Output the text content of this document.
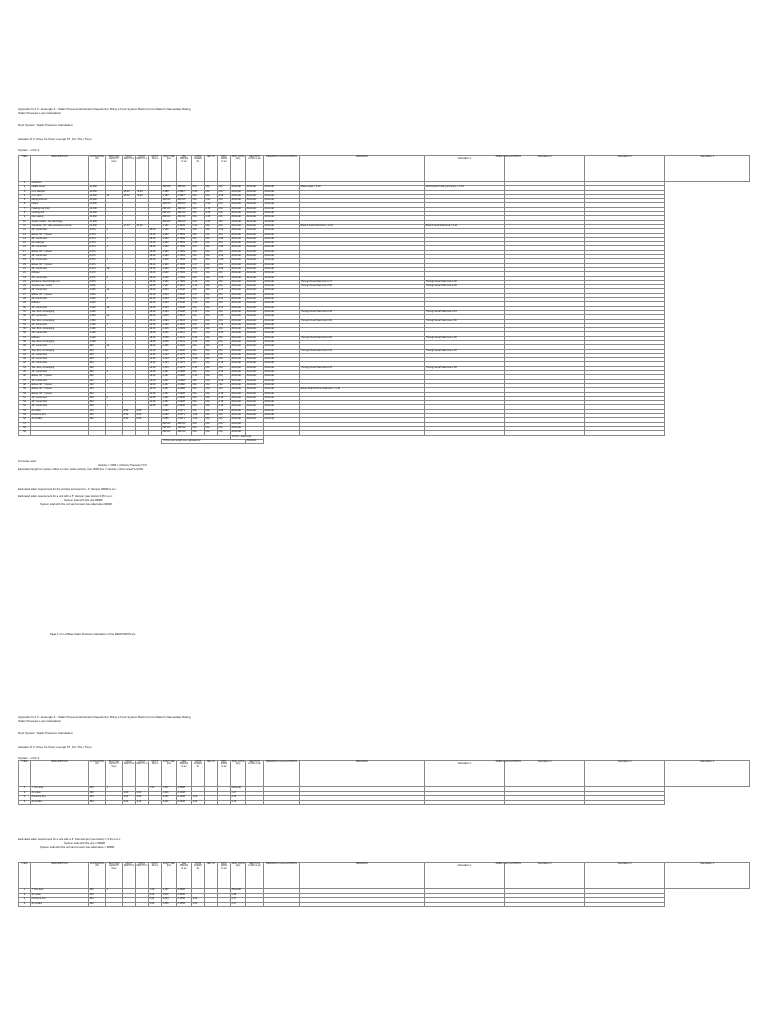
Appendix D.2.4 - Example 2 - Static Pressure Reduction Required to Bring a Four System Back Into Its Maker's Nameplate Rating
Static Pressure Loss Calculation
Duct System: Static Pressure Calculation
Actuator D.V. Floor for Floor Lounge 57. Tel. The / Tiem
System - LOC 4
ITEM	DESCRIPTION	FLOW RATE cfm	SECTION LENGTH Feet	DUCT WIDTH in	DUCT DEPTH in	DUCT DIA in	DUCT VEL fpm	VEL PRESS in.wc	LOSS COEFF Σc	NET Σc	FRIC RATE in.wc	FRIC LOSS (wc)	SECTION LOSS in.wc	REMARKS CALCULATIONS		REMARKS	AREA CALCULATIONS
Calculation 1	Calculation 2	Calculation 3	Calculation 4
1	Outdoors																			
2	Intake louver	11,600					#DIV/0!	#DIV/0!	N/A	N/A	N/A	#VALUE!	#VALUE!	#VALUE!			Blade angle = 0.30	Velocity/Net/Total (perimeter) = 1.00			
3	O.A. damper	11,600		26.00	72.00		1,968	0.3827	0.50	N/A	N/A	#VALUE!	#VALUE!	#VALUE!						
4	O.A. duct	11,600	16	26.00	72.00		1,968	0.3827	N/A	N/A	0.08	#VALUE!	#VALUE!	#VALUE!						
5	Mixing Plenum	11,600					#DIV/0!	#DIV/0!	N/A	0.00	N/A	#VALUE!	#VALUE!	#VALUE!						
6	Filters	11,600					#DIV/0!	#DIV/0!	N/A	0.50	N/A	#VALUE!	#VALUE!	#VALUE!						
7	Heating coil (hot)	11,600					#DIV/0!	#DIV/0!	N/A	0.15	N/A	#VALUE!	#VALUE!	#VALUE!						
8	Cooling coil	11,600					#DIV/0!	#DIV/0!	N/A	0.68	N/A	#VALUE!	#VALUE!	#VALUE!						
9	Fan casing	11,600					#DIV/0!	#DIV/0!	N/A	0.25	N/A	#VALUE!	#VALUE!	#VALUE!						
10	System effect - fan discharge	11,600					#DIV/0!	#DIV/0!	N/A	0.00	N/A	#VALUE!	#VALUE!	#VALUE!						
11	Transition, 60° with extension to trunk	11,600		27.00	24.00		2,181	0.3049	0.21	N/A	N/A	#VALUE!	#VALUE!	#VALUE!			Branch Flow/Total Flow = 0.16	Branch Area/Total Area = 0.21			
12	36" round duct	8,370	3			36.00	2,960	0.7899	N/A	N/A	0.08	#VALUE!	#VALUE!	#VALUE!						
13	Elbow, 90°, 5 piece	8,370				36.00	2,960	0.7899	N/A	N/A	N/A	#VALUE!	#VALUE!	#VALUE!						
14	36" round duct	8,370	6			36.00	2,960	0.7899	N/A	N/A	0.08	#VALUE!	#VALUE!	#VALUE!						
15	Fire damper	8,370				36.00	2,960	0.7899	0.25	N/A	N/A	#VALUE!	#VALUE!	#VALUE!						
16	36" round duct	8,370	3			36.00	2,960	0.7899	N/A	N/A	0.08	#VALUE!	#VALUE!	#VALUE!						
17	Elbow, 90°, 5 piece	8,370				36.00	2,960	0.7899	N/A	N/A	N/A	#VALUE!	#VALUE!	#VALUE!						
18	36" round duct	8,370				36.00	2,960	0.7899	N/A	N/A	0.08	#VALUE!	#VALUE!	#VALUE!						
19	36" round duct	8,370	5			36.00	2,960	0.7899	N/A	N/A	0.08	#VALUE!	#VALUE!	#VALUE!						
20	Elbow, 90°, 5 piece	8,370				36.00	2,960	0.7899	0.17	N/A	N/A	#VALUE!	#VALUE!	#VALUE!						
21	36" round duct	8,370	18			36.00	2,960	0.7899	N/A	N/A	0.08	#VALUE!	#VALUE!	#VALUE!						
22	Diffuser	8,370				36.00	2,960	0.7899	0.20	N/A	N/A	#VALUE!	#VALUE!	#VALUE!						
23	36" round duct	8,370	6			36.00	2,960	0.7899	N/A	N/A	0.08	#VALUE!	#VALUE!	#VALUE!						
24	Entrance, flow through run	8,370				36.00	2,960	0.7899	0.13	N/A	N/A	#VALUE!	#VALUE!	#VALUE!			Through Flow/Total Flow 0.73	Through Area/Total Area 1.00			
25	Junction tee, round	6,650				30.00	2,957	0.5397	0.13	N/A	N/A	#VALUE!	#VALUE!	#VALUE!			Through Flow/Total Flow 0.80	Through Area/Total Area 0.69			
26	30" round duct	1,600	12			30.00	2,594	0.5048	N/A	N/A	0.11	#VALUE!	#VALUE!	#VALUE!						
27	Elbow, 90°, 5 piece	1,600				30.00	2,594	0.5048	0.17	N/A	N/A	#VALUE!	#VALUE!	#VALUE!						
28	30" round duct	1,600	6			30.00	2,594	0.5048	N/A	N/A	0.11	#VALUE!	#VALUE!	#VALUE!						
29	Diffuser	1,600				30.00	2,594	0.5048	0.20	N/A	N/A	#VALUE!	#VALUE!	#VALUE!						
30	30" round duct	1,600	18			30.00	2,594	0.5048	N/A	N/A	0.11	#VALUE!	#VALUE!	#VALUE!						
31	Tee, Run, converging	1,600				30.00	2,594	0.5048	0.15	N/A	N/A	#VALUE!	#VALUE!	#VALUE!			Through Flow/Total Flow 0.48	Through Area/Total Area 0.64			
32	26" round duct	1,360	12			26.00	2,694	0.4523	N/A	N/A	0.13	#VALUE!	#VALUE!	#VALUE!						
33	Tee, Run, converging	1,360				26.00	2,694	0.4523	0.21	N/A	N/A	#VALUE!	#VALUE!	#VALUE!			Through Flow/Total Flow 0.36	Through Area/Total Area 1.06			
34	22" round duct	1,160	6			22.00	2,426	0.3669	N/A	N/A	0.14	#VALUE!	#VALUE!	#VALUE!						
35	Tee, Run, converging	1,160				22.00	2,426	0.3669	0.22	N/A	N/A	#VALUE!	#VALUE!	#VALUE!						
36	18" round duct	1,160				18.00	2,666	0.4431	N/A	N/A	0.25	#VALUE!	#VALUE!	#VALUE!						
37	Diffuser	1,160				18.00	2,666	0.4431	0.24	N/A	N/A	#VALUE!	#VALUE!	#VALUE!			Through Flow/Total Flow 0.60	Through Area/Total Area 1.00			
38	Tee, Run, converging	1,160				18.00	2,666	0.4431	0.21	N/A	N/A	#VALUE!	#VALUE!	#VALUE!						
39	16" round duct	920	12			16.00	1,391	0.1206	N/A	N/A	0.11	#VALUE!	#VALUE!	#VALUE!						
40	Tee, Run, converging	920				16.00	1,391	0.1206	N/A	N/A	N/A	#VALUE!	#VALUE!	#VALUE!			Through Flow/Total Flow 0.44	Through Area/Total Area 1.00			
41	14" round duct	920				14.00	1,313	0.1075	N/A	N/A	N/A	#VALUE!	#VALUE!	#VALUE!						
42	12" round duct	920	6			12.00	1,313	0.1075	0.28	N/A	N/A	#VALUE!	#VALUE!	#VALUE!						
43	12" round duct	920				12.00	1,313	0.1075	N/A	N/A	0.16	#VALUE!	#VALUE!	#VALUE!						
44	Tee, Run, converging	920				12.00	1,313	0.1075	0.15	N/A	N/A	#VALUE!	#VALUE!	#VALUE!			Through Flow/Total Flow 0.78	Through Area/Total Area 1.00			
45	10" round duct	320	5			10.00	1,287	0.0988	N/A	N/A	0.18	#VALUE!	#VALUE!	#VALUE!						
46	Elbow, 90°, 5 piece	320				10.00	1,287	0.0988	0.25	N/A	N/A	#VALUE!	#VALUE!	#VALUE!						
47	10" round duct	320	2			10.00	1,287	0.0988	N/A	N/A	0.18	#VALUE!	#VALUE!	#VALUE!						
48	Elbow, 90°, 5 piece	320				10.00	1,287	0.0988	N/A	N/A	N/A	#VALUE!	#VALUE!	#VALUE!						
49	Elbow, 90°, 5 piece	320				10.00	1,287	0.0988	N/A	N/A	N/A	#VALUE!	#VALUE!	#VALUE!			Elbow Midpoint/Duct Diameter = 0.40				
50	Elbow, 90°, 5 piece	320				10.00	1,287	0.0988	N/A	N/A	0.18	#VALUE!	#VALUE!	#VALUE!						
51	10" round duct	320	6			10.00	1,287	0.0988	N/A	N/A	0.18	#VALUE!	#VALUE!	#VALUE!						
52	10" round duct	320				10.00	1,287	0.0988	N/A	N/A	0.18	#VALUE!	#VALUE!	#VALUE!						
53	10" round duct	320	1			10.00	1,287	0.0988	N/A	N/A	0.18	#VALUE!	#VALUE!	#VALUE!						
54	Air valve	320		8.00	8.00		0.880	0.0571	N/A	N/A	0.08	#VALUE!	#VALUE!	#VALUE!						
55	Pressure box	320		8.00	8.00		0.880	0.0571	1.00	N/A	N/A	#VALUE!	#VALUE!	#VALUE!						
56	Air Grilles	320		8.00	8.00		0.880	0.0571	1.00	N/A	N/A	#VALUE!	#VALUE!	#VALUE!						
57							#DIV/0!	#DIV/0!	N/A	N/A	N/A	#VALUE!								
58							#DIV/0!	#DIV/0!	N/A	N/A	N/A	#VALUE!								
59							#DIV/0!	#DIV/0!	N/A	N/A	N/A	#VALUE!								
												TOTAL: Total Loss							
							TOTAL path length loss (allowance)						#VALUE!						
Formulas used:
Velocity = 4005 x (Velocity Pressure)^0.5
Equivalent length for system effect on inlet, outlet velocity over 2500 fpm = Velocity x (Duct area)^1/4,000
Estimated static requirement for the window terminal unit - 4" damper ##### in.w.c.
Estimated static requirement for a unit with a 5" damper (see below) 0.95 in.w.c.
System total with this unit #####
System total with this unit and a lower loss alternative #####
Page 1 of 1 of Base Static Pressure Calculation of the PENNTAPPS etc.
Appendix D.2.4 - Example 2 - Static Pressure Reduction Required to Bring a Four System Back Into Its Maker's Nameplate Rating
Static Pressure Loss Calculation
Duct System: Static Pressure Calculation
Actuator D.V. Floor for Floor Lounge 57. Tel. The / Tiem
System - LOC 4
ITEM	DESCRIPTION	FLOW RATE cfm	SECTION LENGTH Feet	DUCT WIDTH in	DUCT DEPTH in	DUCT DIA in	DUCT VEL fpm	VEL PRESS in.wc	LOSS COEFF Σc	NET Σc	FRIC RATE in.wc	FRIC LOSS (wc)	SECTION LOSS in.wc	REMARKS CALCULATIONS		REMARKS	AREA CALCULATIONS
Calculation 1	Calculation 2	Calculation 3	Calculation 4
1	7" flex duct	320	1			7.00	1,197	0.0888				#VALUE!								
2	Air valve	320		9.00	9.00		1,601	0.1468				0.47								
3	Pressure box	320		9.00	9.00		1,601	0.1468	1.00			0.15								
4	Air Grilles	320		9.00	9.00		1,601	0.1468	1.00			0.15								
Estimated static requirement for a unit with a 6" inlet damper (see below) = 0.91 in.w.c.
System total with this unit = #####
System total with this unit and a lower loss alternative = #####
ITEM	DESCRIPTION	FLOW RATE cfm	SECTION LENGTH Feet	DUCT WIDTH in	DUCT DEPTH in	DUCT DIA in	DUCT VEL fpm	VEL PRESS in.wc	LOSS COEFF Σc	NET Σc	FRIC RATE in.wc	FRIC LOSS (wc)	SECTION LOSS in.wc	REMARKS CALCULATIONS		REMARKS	AREA CALCULATIONS
Calculation 1	Calculation 2	Calculation 3	Calculation 4
1	7" flex duct	320	1			7.00	1,197	0.0888				#VALUE!								
2	Air valve	320				6.00	1,630	0.1656				0.48								
3	Pressure box	320				6.00	1,630	0.1656	1.00			0.17								
4	Air Grilles	320				6.00	1,630	0.1656	1.00			0.17								
